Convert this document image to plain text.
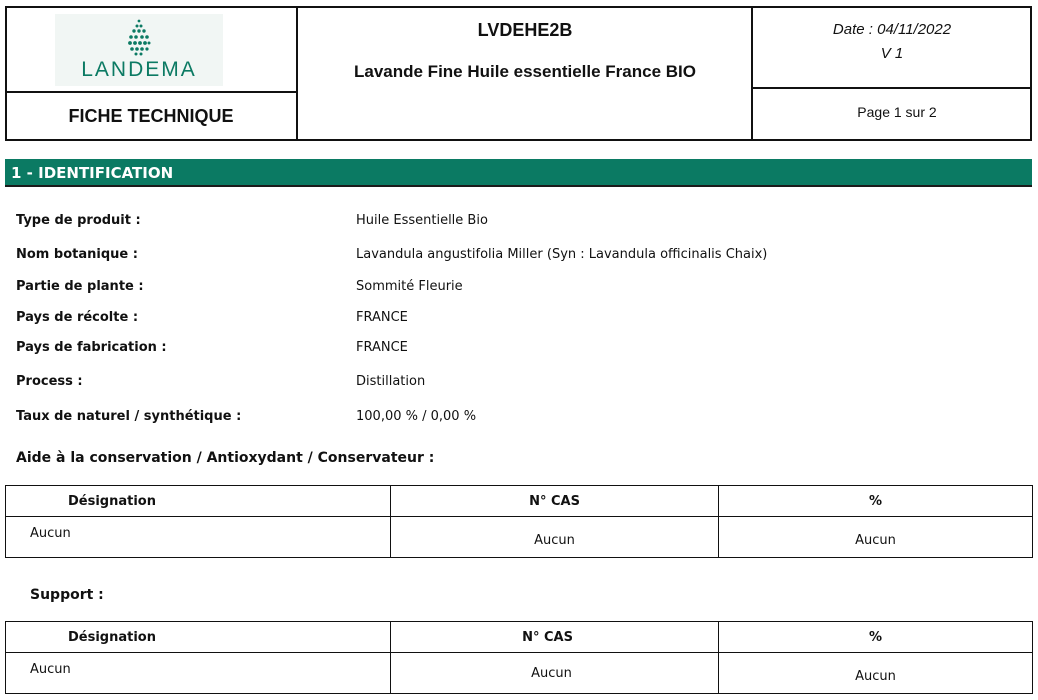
LANDEMA
FICHE TECHNIQUE
LVDEHE2B
Lavande Fine Huile essentielle France BIO
Date : 04/11/2022
V 1
Page 1 sur 2
1 - IDENTIFICATION
Type de produit :	Huile Essentielle Bio
Nom botanique :	Lavandula angustifolia Miller (Syn : Lavandula officinalis Chaix)
Partie de plante :	Sommité Fleurie
Pays de récolte :	FRANCE
Pays de fabrication :	FRANCE
Process :	Distillation
Taux de naturel / synthétique :	100,00 % / 0,00 %
Aide à la conservation / Antioxydant / Conservateur :
Désignation	N° CAS	%
Aucun	Aucun	Aucun
Support :
Désignation	N° CAS	%
Aucun	Aucun	Aucun
